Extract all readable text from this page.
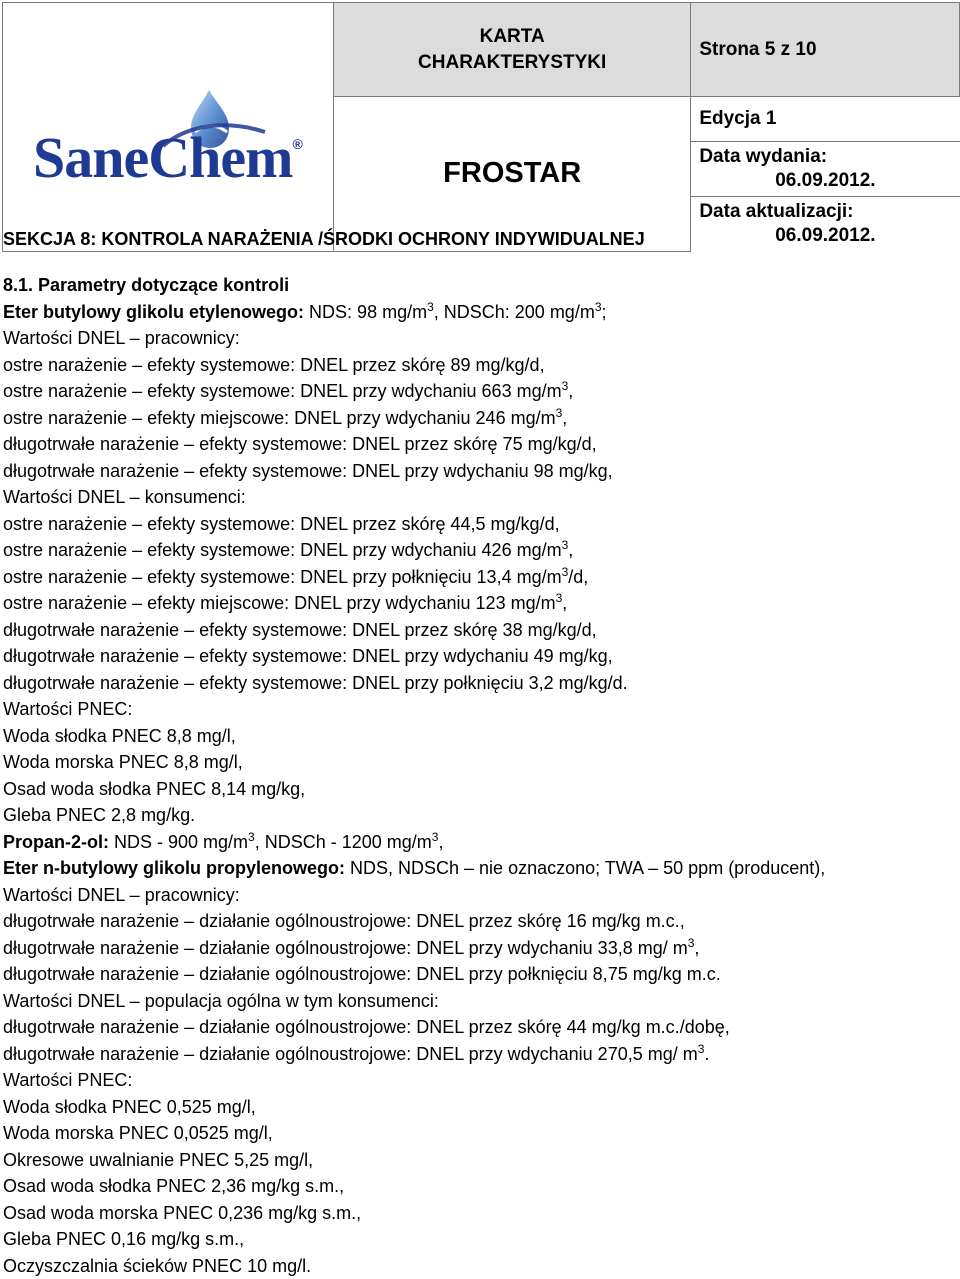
SaneChem®

KARTA
CHARAKTERYSTYKI
	Strona 5 z 10
FROSTAR	
Edycja 1

Data wydania:
06.09.2012.

Data aktualizacji:
06.09.2012.
SEKCJA 8: KONTROLA NARAŻENIA /ŚRODKI OCHRONY INDYWIDUALNEJ
8.1. Parametry dotyczące kontroli
Eter butylowy glikolu etylenowego: NDS: 98 $mg/m^3$, NDSCh: 200 $mg/m^3$;
Wartości DNEL – pracownicy:
ostre narażenie – efekty systemowe: DNEL przez skórę 89 mg/kg/d,
ostre narażenie – efekty systemowe: DNEL przy wdychaniu 663 $mg/m^3$,
ostre narażenie – efekty miejscowe: DNEL przy wdychaniu 246 $mg/m^3$,
długotrwałe narażenie – efekty systemowe: DNEL przez skórę 75 mg/kg/d,
długotrwałe narażenie – efekty systemowe: DNEL przy wdychaniu 98 mg/kg,
Wartości DNEL – konsumenci:
ostre narażenie – efekty systemowe: DNEL przez skórę 44,5 mg/kg/d,
ostre narażenie – efekty systemowe: DNEL przy wdychaniu 426 $mg/m^3$,
ostre narażenie – efekty systemowe: DNEL przy połknięciu 13,4 $mg/m^3/d$,
ostre narażenie – efekty miejscowe: DNEL przy wdychaniu 123 $mg/m^3$,
długotrwałe narażenie – efekty systemowe: DNEL przez skórę 38 mg/kg/d,
długotrwałe narażenie – efekty systemowe: DNEL przy wdychaniu 49 mg/kg,
długotrwałe narażenie – efekty systemowe: DNEL przy połknięciu 3,2 mg/kg/d.
Wartości PNEC:
Woda słodka PNEC 8,8 mg/l,
Woda morska PNEC 8,8 mg/l,
Osad woda słodka PNEC 8,14 mg/kg,
Gleba PNEC 2,8 mg/kg.
Propan-2-ol: NDS - 900 $mg/m^3$, NDSCh - 1200 $mg/m^3$,
Eter n-butylowy glikolu propylenowego: NDS, NDSCh – nie oznaczono; TWA – 50 ppm (producent),
Wartości DNEL – pracownicy:
długotrwałe narażenie – działanie ogólnoustrojowe: DNEL przez skórę 16 mg/kg m.c.,
długotrwałe narażenie – działanie ogólnoustrojowe: DNEL przy wdychaniu 33,8 mg/ $m^3$,
długotrwałe narażenie – działanie ogólnoustrojowe: DNEL przy połknięciu 8,75 mg/kg m.c.
Wartości DNEL – populacja ogólna w tym konsumenci:
długotrwałe narażenie – działanie ogólnoustrojowe: DNEL przez skórę 44 mg/kg m.c./dobę,
długotrwałe narażenie – działanie ogólnoustrojowe: DNEL przy wdychaniu 270,5 mg/ $m^3$.
Wartości PNEC:
Woda słodka PNEC 0,525 mg/l,
Woda morska PNEC 0,0525 mg/l,
Okresowe uwalnianie PNEC 5,25 mg/l,
Osad woda słodka PNEC 2,36 mg/kg s.m.,
Osad woda morska PNEC 0,236 mg/kg s.m.,
Gleba PNEC 0,16 mg/kg s.m.,
Oczyszczalnia ścieków PNEC 10 mg/l.
